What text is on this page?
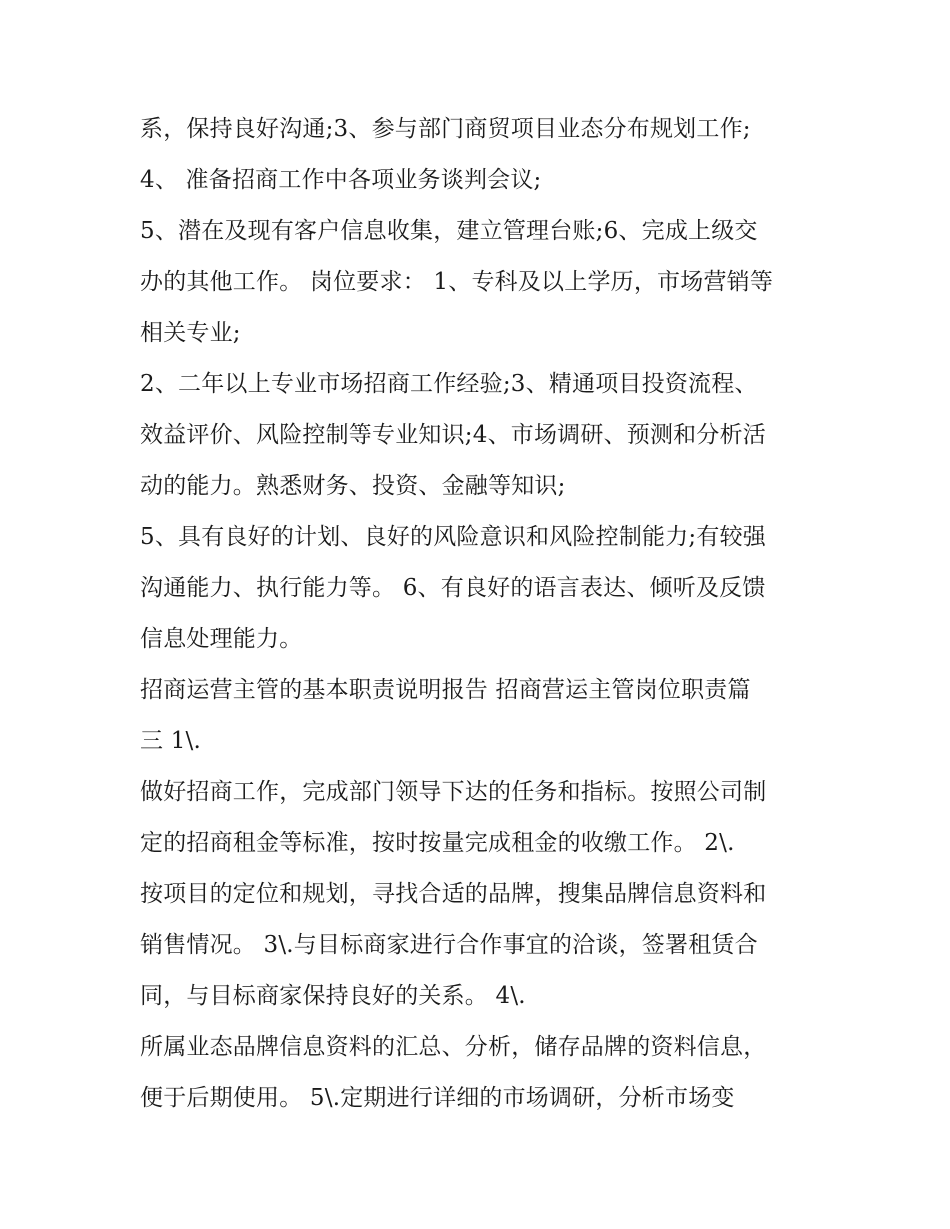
系，保持良好沟通;3、参与部门商贸项目业态分布规划工作;
4、 准备招商工作中各项业务谈判会议;
5、潜在及现有客户信息收集，建立管理台账;6、完成上级交
办的其他工作。 岗位要求： 1、专科及以上学历，市场营销等
相关专业;
2、二年以上专业市场招商工作经验;3、精通项目投资流程、
效益评价、风险控制等专业知识;4、市场调研、预测和分析活
动的能力。熟悉财务、投资、金融等知识;
5、具有良好的计划、良好的风险意识和风险控制能力;有较强
沟通能力、执行能力等。 6、有良好的语言表达、倾听及反馈
信息处理能力。
招商运营主管的基本职责说明报告 招商营运主管岗位职责篇
三 1\.
做好招商工作，完成部门领导下达的任务和指标。按照公司制
定的招商租金等标准，按时按量完成租金的收缴工作。 2\.
按项目的定位和规划，寻找合适的品牌，搜集品牌信息资料和
销售情况。 3\.与目标商家进行合作事宜的洽谈，签署租赁合
同，与目标商家保持良好的关系。 4\.
所属业态品牌信息资料的汇总、分析，储存品牌的资料信息，
便于后期使用。 5\.定期进行详细的市场调研，分析市场变
